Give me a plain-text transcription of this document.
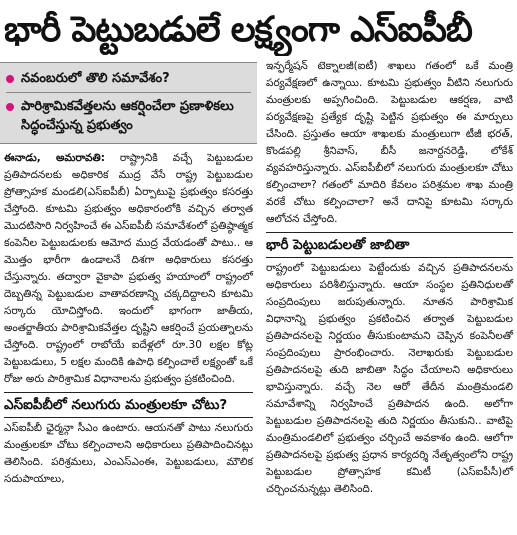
భారీ పెట్టుబడులే లక్ష్యంగా ఎస్ఐపీబీ
నవంబరులో తొలి సమావేశం?
పారిశ్రామికవేత్తలను ఆకర్షించేలా ప్రణాళికలు సిద్ధంచేస్తున్న ప్రభుత్వం

ఈనాడు, అమరావతి: రాష్ట్రానికి వచ్చే పెట్టుబడుల ప్రతిపాదనలకు అధికారిక ముద్ర వేసే రాష్ట్ర పెట్టుబడుల ప్రోత్సాహక మండలి(ఎస్ఐపీబీ) ఏర్పాటుపై ప్రభుత్వం కసరత్తు చేస్తోంది. కూటమి ప్రభుత్వం అధికారంలోకి వచ్చిన తర్వాత మొదటిసారి నిర్వహించే ఈ ఎస్ఐపీబీ సమావేశంలో ప్రతిష్ఠాత్మక కంపెనీల పెట్టుబడులకు ఆమోద ముద్ర వేయడంతో పాటు.. ఆ మొత్తం భారీగా ఉండాలనే దిశగా అధికారులు కసరత్తు చేస్తున్నారు. తద్వారా వైకాపా ప్రభుత్వ హయాంలో రాష్ట్రంలో దెబ్బతిన్న పెట్టుబడుల వాతావరణాన్ని చక్కదిద్దాలని కూటమి సర్కారు యోచిస్తోంది. ఇందులో భాగంగా జాతీయ, అంతర్జాతీయ పారిశ్రామికవేత్తల దృష్టిని ఆకర్షించే ప్రయత్నాలను చేస్తోంది. రాష్ట్రంలో రాబోయే ఐదేళ్లలో రూ.30 లక్షల కోట్ల పెట్టుబడులు, 5 లక్షల మందికి ఉపాధి కల్పించాలే లక్ష్యంతో ఒకే రోజు అరు పారిశ్రామిక విధానాలను ప్రభుత్వం ప్రకటించింది.

ఎస్ఐపీబీలో నలుగురు మంత్రులకూ చోటు?

ఎస్ఐపీబీ ఛైర్మన్గా సీఎం ఉంటారు. ఆయనతో పాటు నలుగురు మంత్రులకూ చోటు కల్పించాలని అధికారులు ప్రతిపాదించినట్లు తెలిసింది. పరిశ్రమలు, ఎంఎస్ఎంఈ, పెట్టుబడులు, మౌలిక సదుపాయాలు,

ఇన్ఫర్మేషన్ టెక్నాలజీ(ఐటీ) శాఖలు గతంలో ఒకే మంత్రి పర్యవేక్షణలో ఉన్నాయి. కూటమి ప్రభుత్వం వీటిని నలుగురు మంత్రులకు అప్పగించింది. పెట్టుబడుల ఆకర్షణ, వాటి పర్యవేక్షణపై ప్రత్యేక దృష్టి పెట్టిన ప్రభుత్వం ఈ మార్పులు చేసింది. ప్రస్తుతం ఆయా శాఖలకు మంత్రులుగా టీజీ భరత్, కొండపల్లి శ్రీనివాస్, బీసీ జనార్దనరెడ్డి, లోకేశ్ వ్యవహరిస్తున్నారు. ఎస్ఐపీబీలో నలుగురు మంత్రులకూ చోటు కల్పించాలా? గతంలో మాదిరి కేవలం పరిశ్రమల శాఖ మంత్రి వరకే చోటు కల్పించాలా? అనే దానిపై కూటమి సర్కారు ఆలోచన చేస్తోంది.

భారీ పెట్టుబడులతో జాబితా

రాష్ట్రంలో పెట్టుబడులు పెట్టేందుకు వచ్చిన ప్రతిపాదనలను అధికారులు పరిశీలిస్తున్నారు. ఆయా సంస్థల ప్రతినిధులతో సంప్రదింపులు జరుపుతున్నారు. నూతన పారిశ్రామిక విధానాన్ని ప్రభుత్వం ప్రకటించిన తర్వాత పెట్టుబడుల ప్రతిపాదనలపై నిర్ణయం తీసుకుంటామని చెప్పిన కంపెనీలతో సంప్రదింపులు ప్రారంభించారు. నెలాఖరుకు పెట్టుబడుల ప్రతిపాదనలపై తుది జాబితా సిద్ధం చేయాలని అధికారులు భావిస్తున్నారు. వచ్చే నెల ఆరో తేదీన మంత్రిమండలి సమావేశాన్ని నిర్వహించే ప్రతిపాదన ఉంది. అలోగా పెట్టుబడుల ప్రతిపాదనలపై తుది నిర్ణయం తీసుకుని.. వాటిపై మంత్రిమండలిలో ప్రభుత్వం చర్చించే అవకాశం ఉంది. ఆలోగా ప్రతిపాదనలపై ప్రభుత్వ ప్రధాన కార్యదర్శి నేతృత్వంలోని రాష్ట్ర పెట్టుబడుల ప్రోత్సాహక కమిటీ (ఎస్ఐపీసీ)లో చర్చించనున్నట్లు తెలిసింది.
